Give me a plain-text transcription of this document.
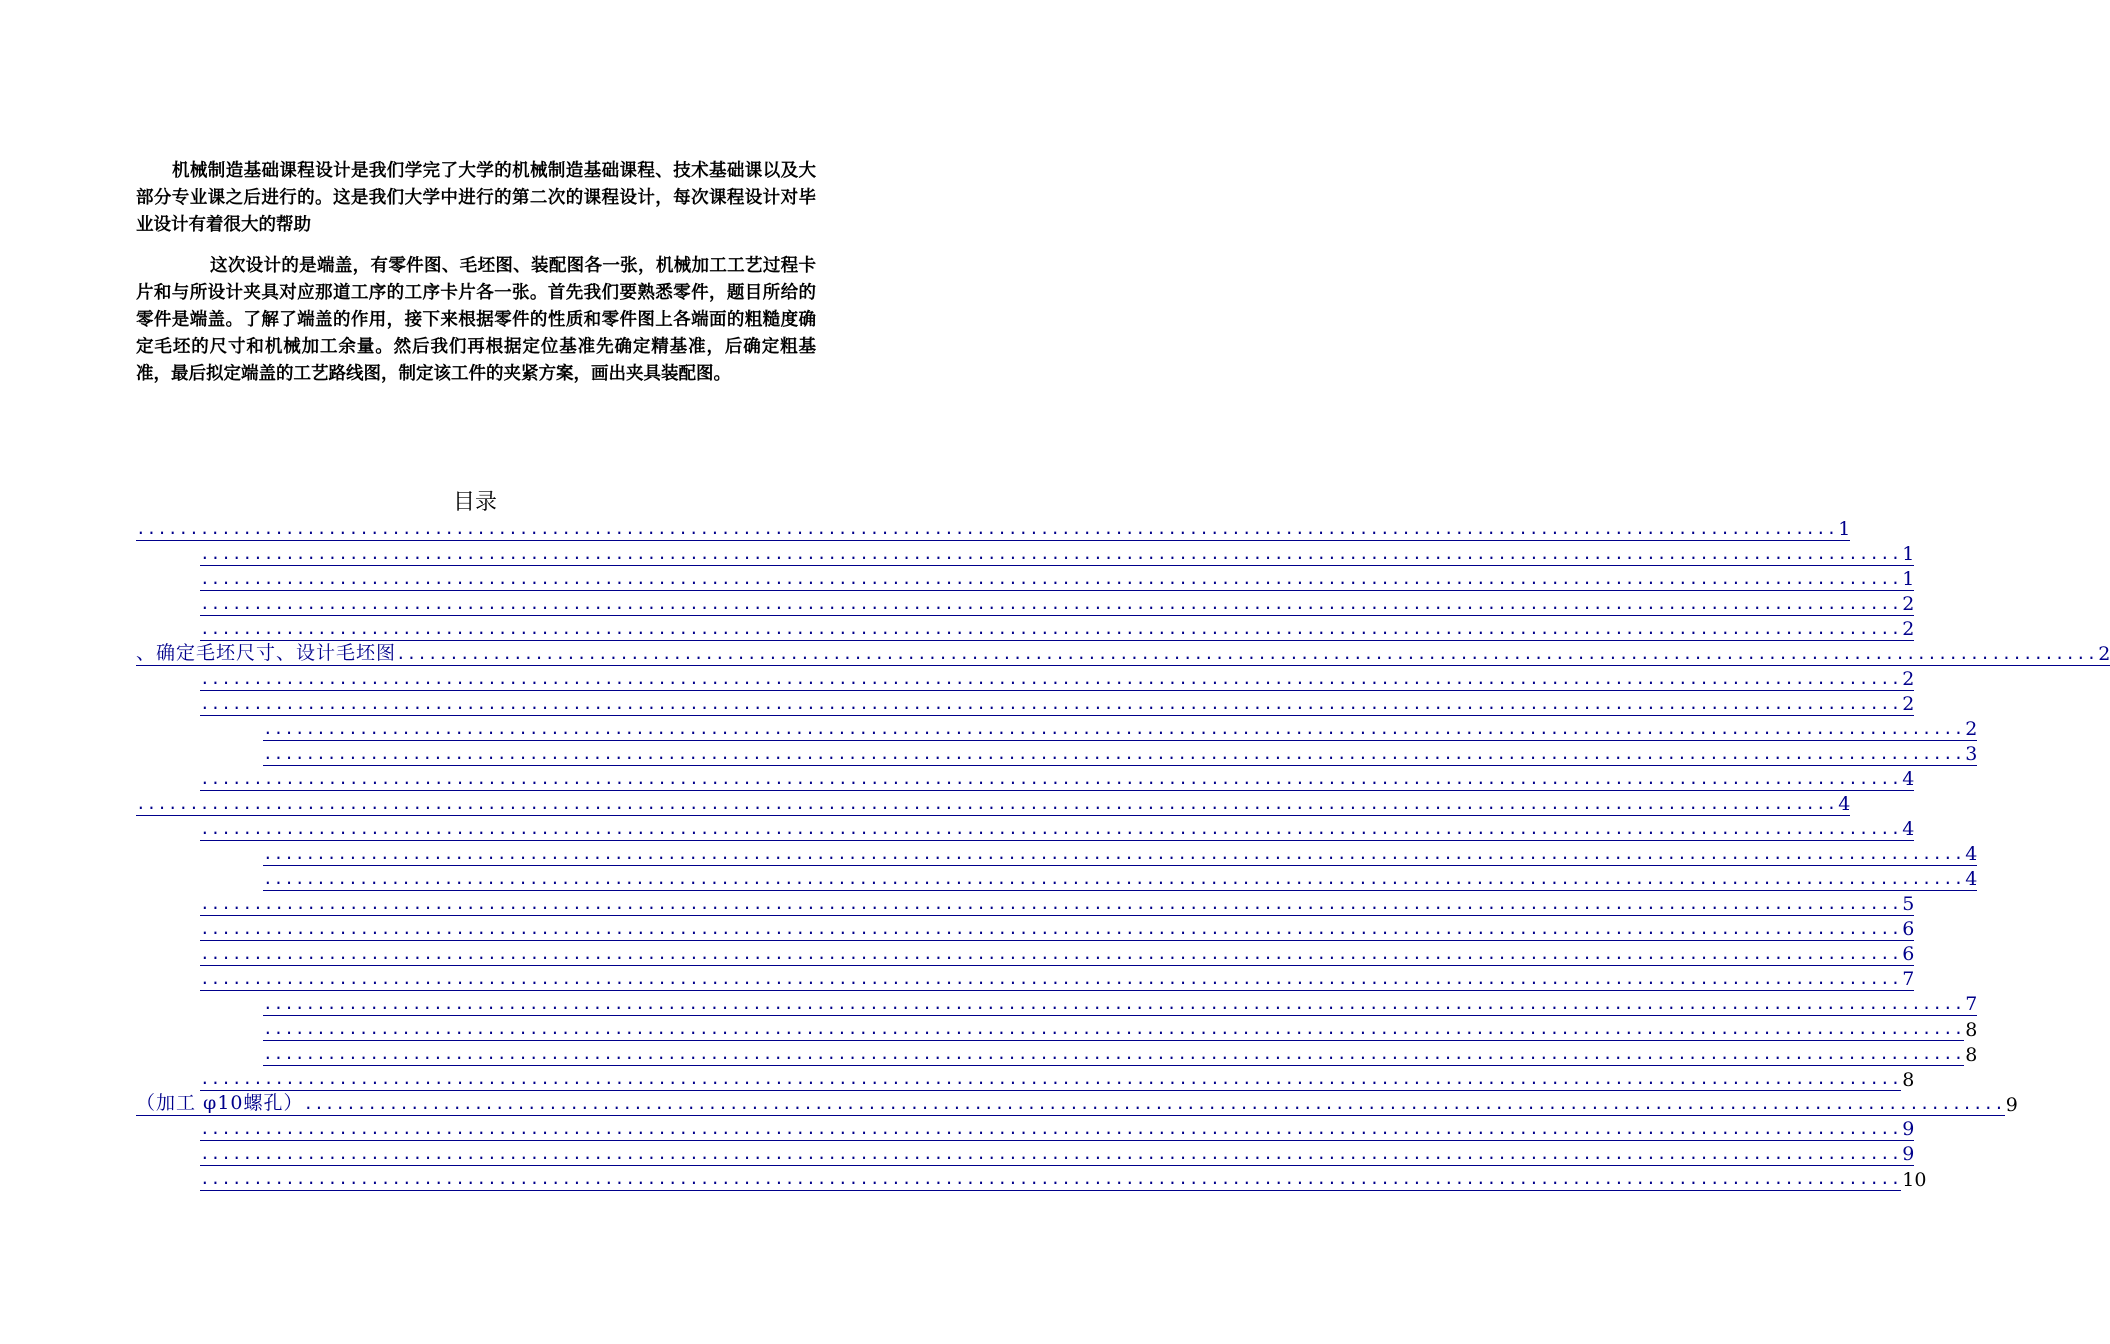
机械制造基础课程设计是我们学完了大学的机械制造基础课程、技术基础课以及大部分专业课之后进行的。这是我们大学中进行的第二次的课程设计，每次课程设计对毕业设计有着很大的帮助

这次设计的是端盖，有零件图、毛坯图、装配图各一张，机械加工工艺过程卡片和与所设计夹具对应那道工序的工序卡片各一张。首先我们要熟悉零件，题目所给的零件是端盖。了解了端盖的作用，接下来根据零件的性质和零件图上各端面的粗糙度确定毛坯的尺寸和机械加工余量。然后我们再根据定位基准先确定精基准，后确定粗基准，最后拟定端盖的工艺路线图，制定该工件的夹紧方案，画出夹具装配图。

目录
................................................................................................................................................................ 1
................................................................................................................................................................ 1
................................................................................................................................................................ 1
................................................................................................................................................................ 2
................................................................................................................................................................ 2
、确定毛坯尺寸、设计毛坯图................................................................................................................................................................ 2
................................................................................................................................................................ 2
................................................................................................................................................................ 2
................................................................................................................................................................ 2
................................................................................................................................................................ 3
................................................................................................................................................................ 4
................................................................................................................................................................ 4
................................................................................................................................................................ 4
................................................................................................................................................................ 4
................................................................................................................................................................ 4
................................................................................................................................................................ 5
................................................................................................................................................................ 6
................................................................................................................................................................ 6
................................................................................................................................................................ 7
................................................................................................................................................................ 7
................................................................................................................................................................ 8
................................................................................................................................................................ 8
................................................................................................................................................................ 8
（加工 φ10螺孔）................................................................................................................................................................ 9
................................................................................................................................................................ 9
................................................................................................................................................................ 9
................................................................................................................................................................ 10
